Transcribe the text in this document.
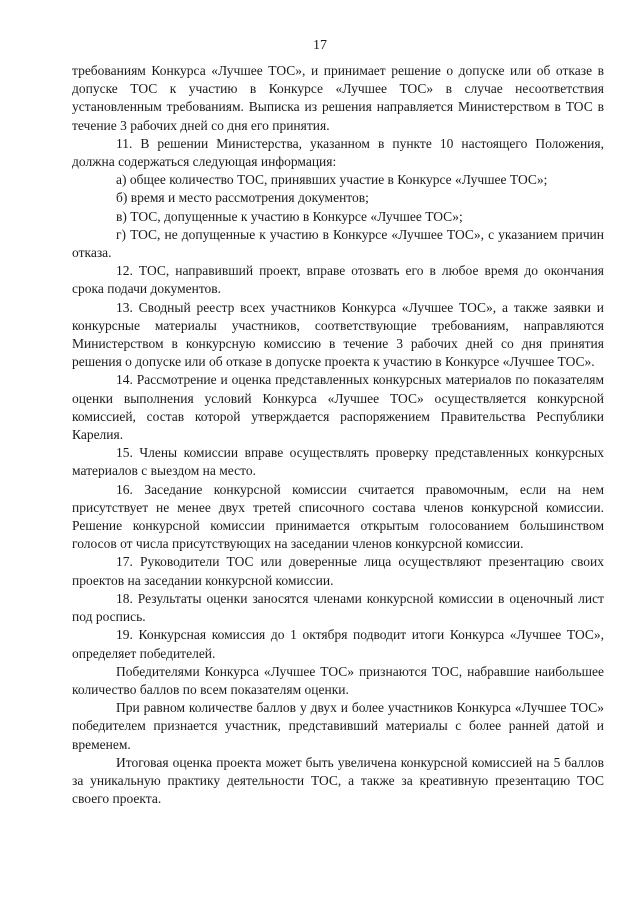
17

требованиям Конкурса «Лучшее ТОС», и принимает решение о допуске или об отказе в допуске ТОС к участию в Конкурсе «Лучшее ТОС» в случае несоответствия установленным требованиям. Выписка из решения направляется Министерством в ТОС в течение 3 рабочих дней со дня его принятия.

11. В решении Министерства, указанном в пункте 10 настоящего Положения, должна содержаться следующая информация:

а) общее количество ТОС, принявших участие в Конкурсе «Лучшее ТОС»;

б) время и место рассмотрения документов;

в) ТОС, допущенные к участию в Конкурсе «Лучшее ТОС»;

г) ТОС, не допущенные к участию в Конкурсе «Лучшее ТОС», с указанием причин отказа.

12. ТОС, направивший проект, вправе отозвать его в любое время до окончания срока подачи документов.

13. Сводный реестр всех участников Конкурса «Лучшее ТОС», а также заявки и конкурсные материалы участников, соответствующие требованиям, направляются Министерством в конкурсную комиссию в течение 3 рабочих дней со дня принятия решения о допуске или об отказе в допуске проекта к участию в Конкурсе «Лучшее ТОС».

14. Рассмотрение и оценка представленных конкурсных материалов по показателям оценки выполнения условий Конкурса «Лучшее ТОС» осуществляется конкурсной комиссией, состав которой утверждается распоряжением Правительства Республики Карелия.

15. Члены комиссии вправе осуществлять проверку представленных конкурсных материалов с выездом на место.

16. Заседание конкурсной комиссии считается правомочным, если на нем присутствует не менее двух третей списочного состава членов конкурсной комиссии. Решение конкурсной комиссии принимается открытым голосованием большинством голосов от числа присутствующих на заседании членов конкурсной комиссии.

17. Руководители ТОС или доверенные лица осуществляют презентацию своих проектов на заседании конкурсной комиссии.

18. Результаты оценки заносятся членами конкурсной комиссии в оценочный лист под роспись.

19. Конкурсная комиссия до 1 октября подводит итоги Конкурса «Лучшее ТОС», определяет победителей.

Победителями Конкурса «Лучшее ТОС» признаются ТОС, набравшие наибольшее количество баллов по всем показателям оценки.

При равном количестве баллов у двух и более участников Конкурса «Лучшее ТОС» победителем признается участник, представивший материалы с более ранней датой и временем.

Итоговая оценка проекта может быть увеличена конкурсной комиссией на 5 баллов за уникальную практику деятельности ТОС, а также за креативную презентацию ТОС своего проекта.
